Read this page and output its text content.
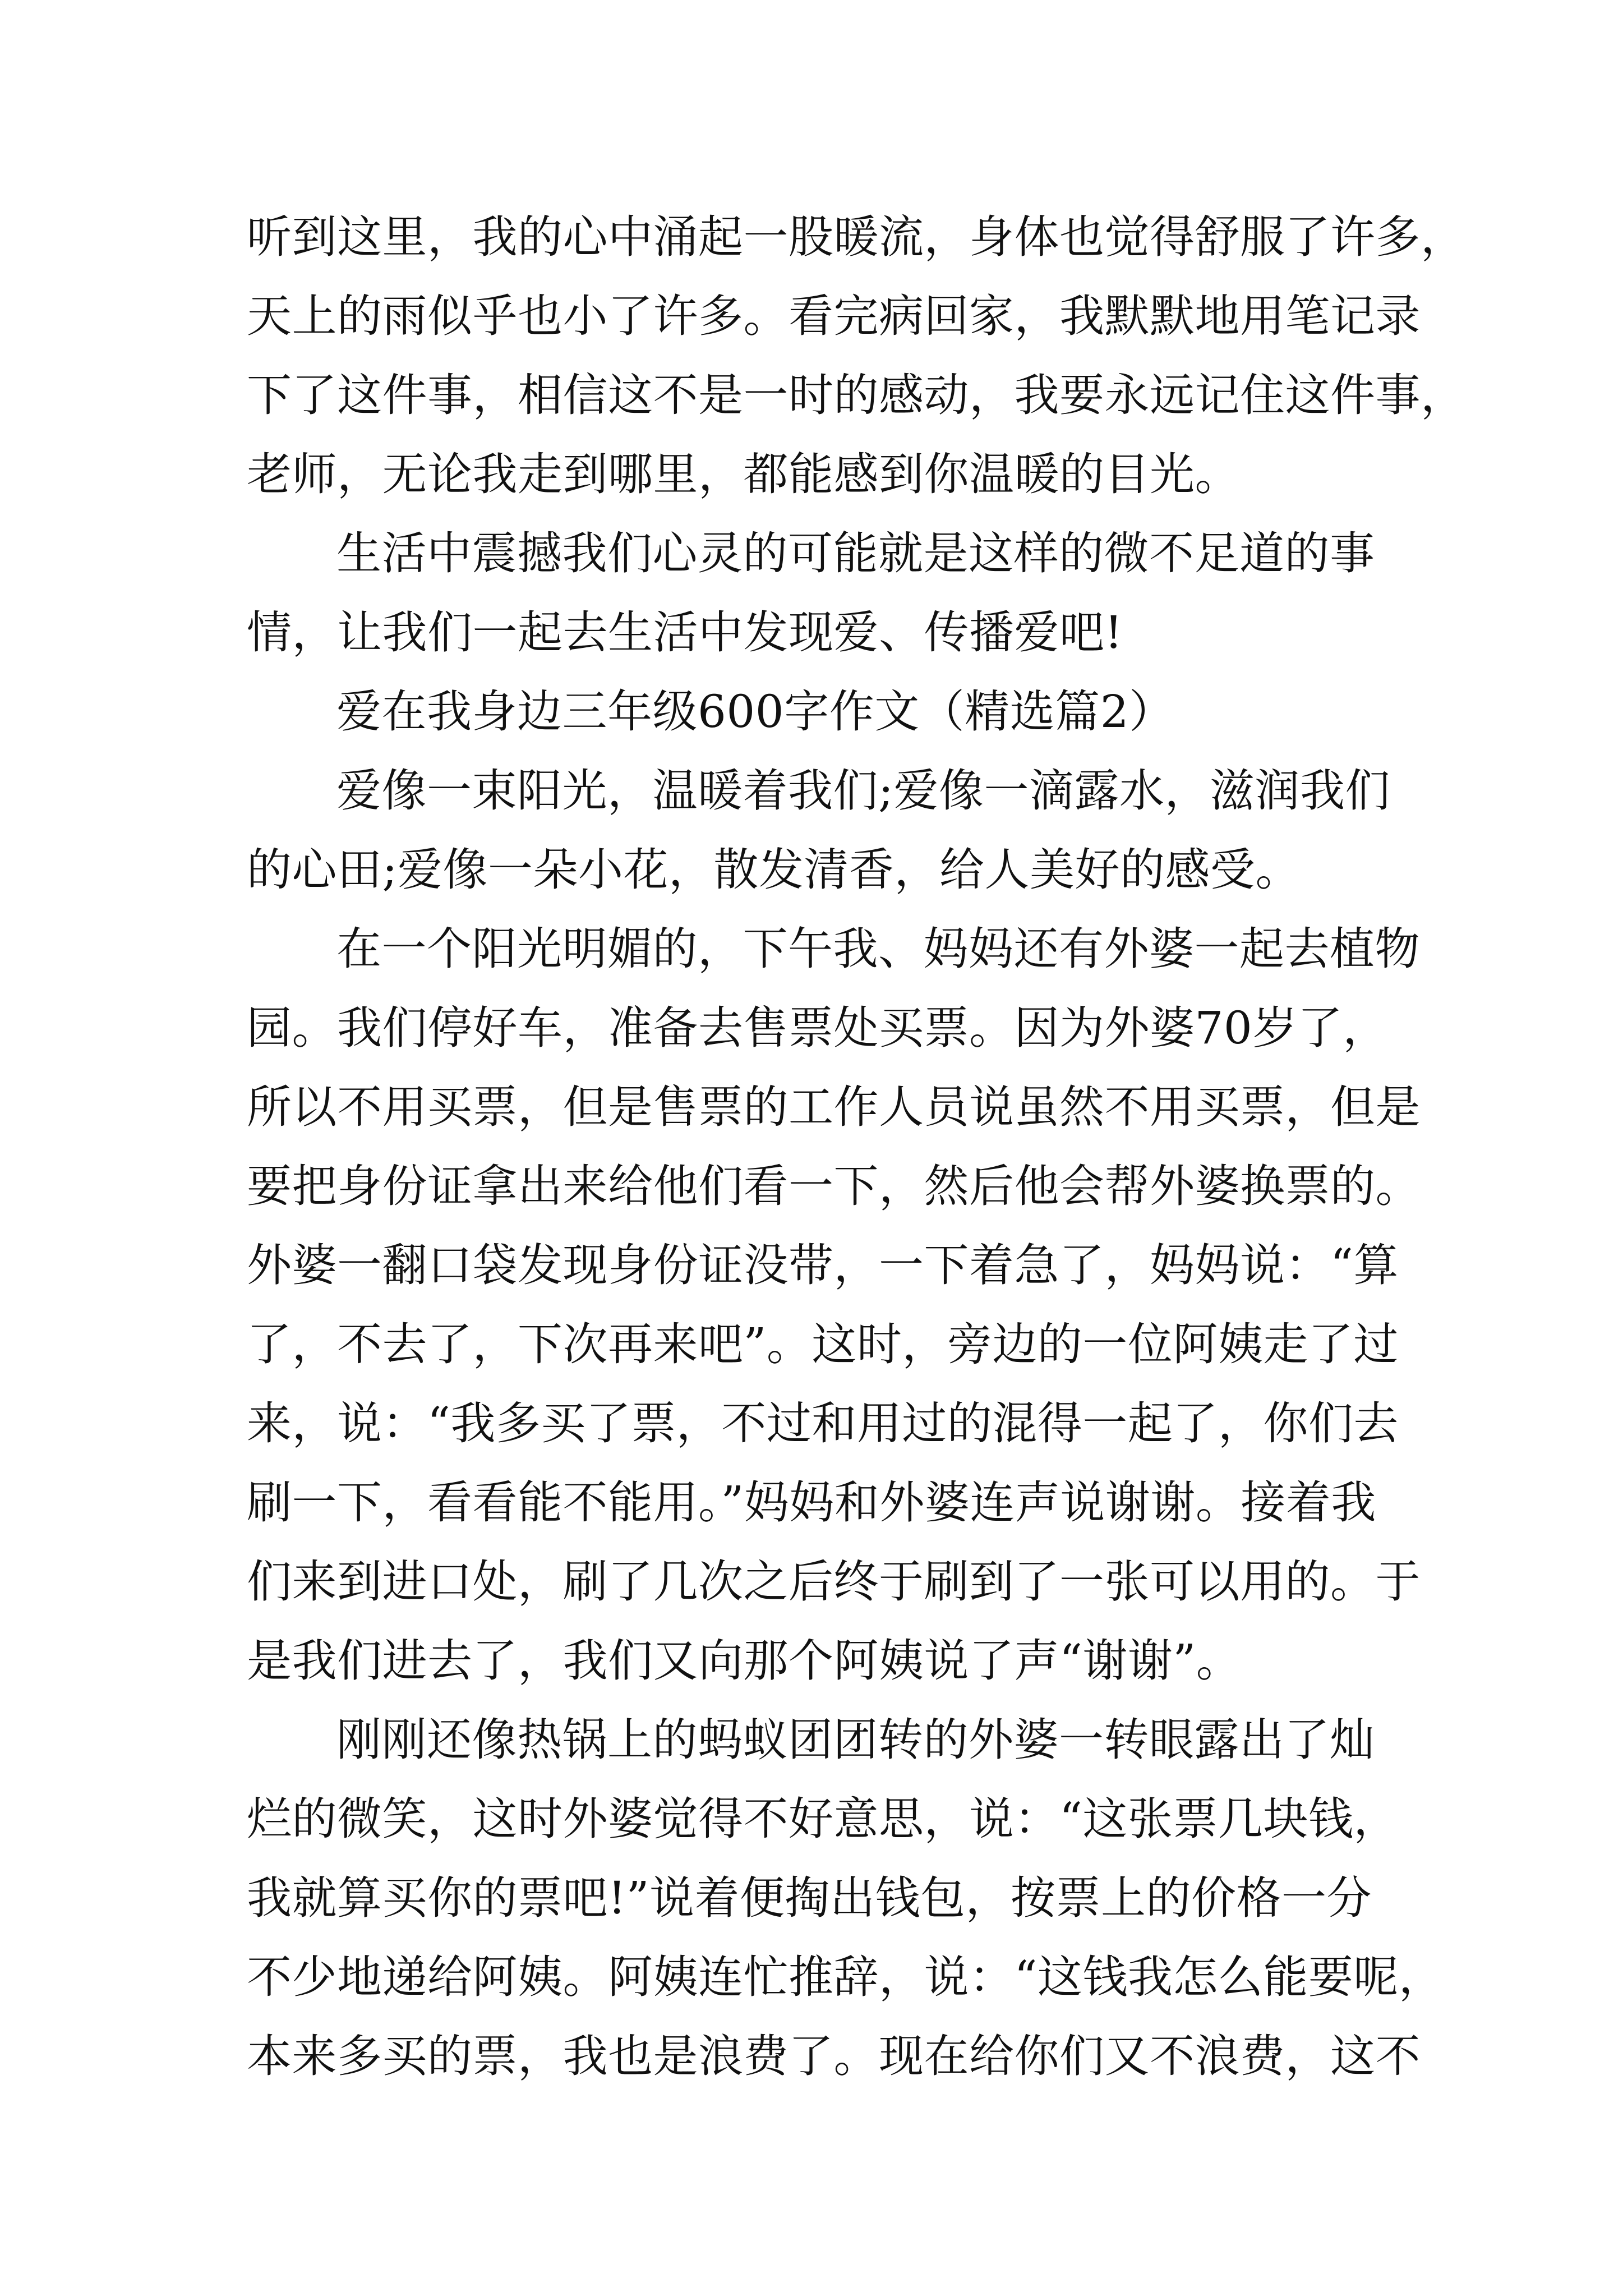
听到这里，我的心中涌起一股暖流，身体也觉得舒服了许多，
天上的雨似乎也小了许多。看完病回家，我默默地用笔记录
下了这件事，相信这不是一时的感动，我要永远记住这件事，
老师，无论我走到哪里，都能感到你温暖的目光。
生活中震撼我们心灵的可能就是这样的微不足道的事
情，让我们一起去生活中发现爱、传播爱吧!
爱在我身边三年级600字作文（精选篇2）
爱像一束阳光，温暖着我们;爱像一滴露水，滋润我们
的心田;爱像一朵小花，散发清香，给人美好的感受。
在一个阳光明媚的，下午我、妈妈还有外婆一起去植物
园。我们停好车，准备去售票处买票。因为外婆70岁了，
所以不用买票，但是售票的工作人员说虽然不用买票，但是
要把身份证拿出来给他们看一下，然后他会帮外婆换票的。
外婆一翻口袋发现身份证没带，一下着急了，妈妈说：“算
了，不去了，下次再来吧”。这时，旁边的一位阿姨走了过
来，说：“我多买了票，不过和用过的混得一起了，你们去
刷一下，看看能不能用。”妈妈和外婆连声说谢谢。接着我
们来到进口处，刷了几次之后终于刷到了一张可以用的。于
是我们进去了，我们又向那个阿姨说了声“谢谢”。
刚刚还像热锅上的蚂蚁团团转的外婆一转眼露出了灿
烂的微笑，这时外婆觉得不好意思，说：“这张票几块钱，
我就算买你的票吧!”说着便掏出钱包，按票上的价格一分
不少地递给阿姨。阿姨连忙推辞，说：“这钱我怎么能要呢，
本来多买的票，我也是浪费了。现在给你们又不浪费，这不
